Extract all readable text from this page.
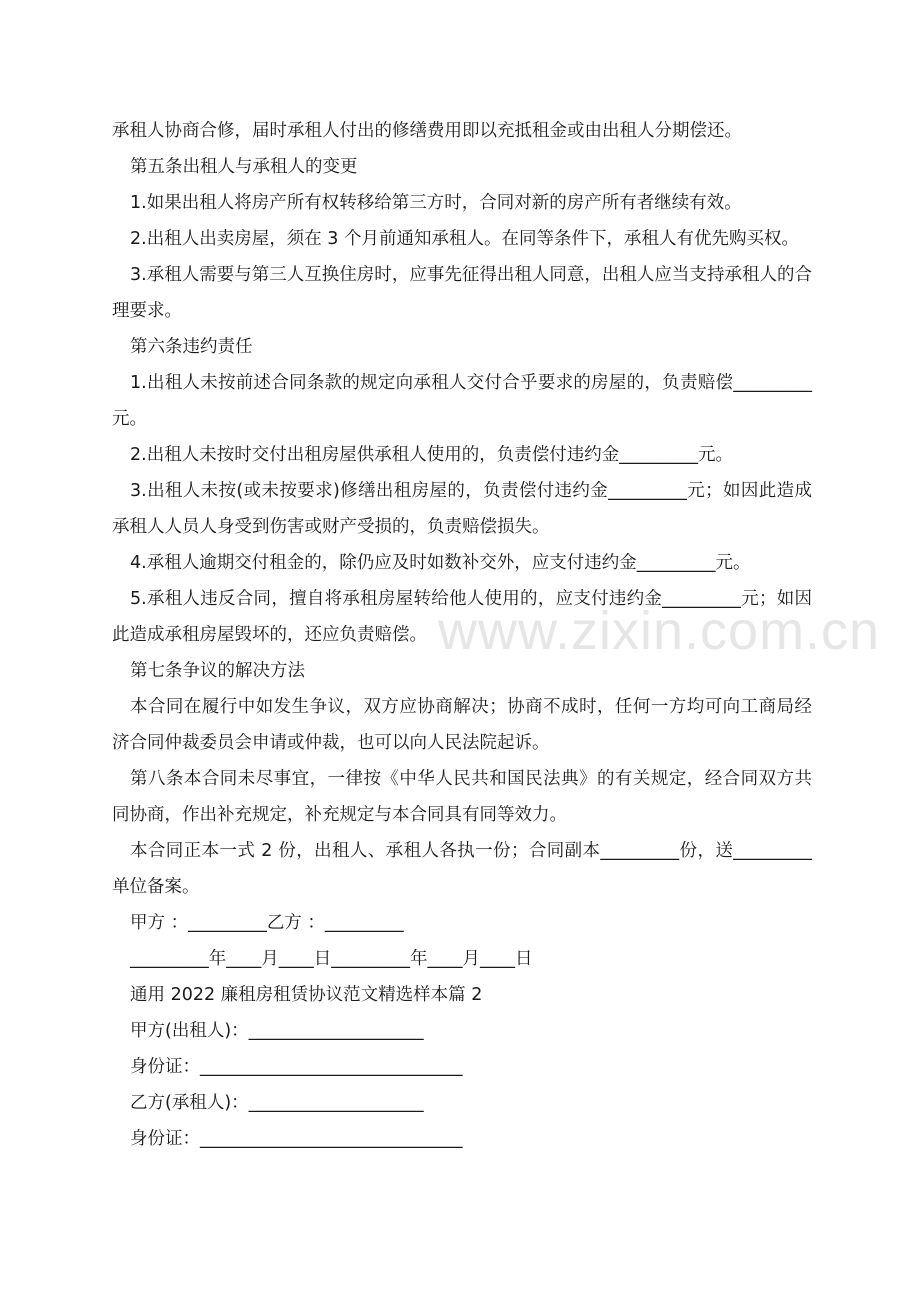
www.zixin.com.cn

承租人协商合修，届时承租人付出的修缮费用即以充抵租金或由出租人分期偿还。

第五条出租人与承租人的变更

1.如果出租人将房产所有权转移给第三方时，合同对新的房产所有者继续有效。

2.出租人出卖房屋，须在 3 个月前通知承租人。在同等条件下，承租人有优先购买权。

3.承租人需要与第三人互换住房时，应事先征得出租人同意，出租人应当支持承租人的合理要求。

第六条违约责任

1.出租人未按前述合同条款的规定向承租人交付合乎要求的房屋的，负责赔偿_________元。

2.出租人未按时交付出租房屋供承租人使用的，负责偿付违约金_________元。

3.出租人未按(或未按要求)修缮出租房屋的，负责偿付违约金_________元；如因此造成承租人人员人身受到伤害或财产受损的，负责赔偿损失。

4.承租人逾期交付租金的，除仍应及时如数补交外，应支付违约金_________元。

5.承租人违反合同，擅自将承租房屋转给他人使用的，应支付违约金_________元；如因此造成承租房屋毁坏的，还应负责赔偿。

第七条争议的解决方法

本合同在履行中如发生争议，双方应协商解决；协商不成时，任何一方均可向工商局经济合同仲裁委员会申请或仲裁，也可以向人民法院起诉。

第八条本合同未尽事宜，一律按《中华人民共和国民法典》的有关规定，经合同双方共同协商，作出补充规定，补充规定与本合同具有同等效力。

本合同正本一式 2 份，出租人、承租人各执一份；合同副本_________份，送_________单位备案。

甲方 ：_________乙方 ：_________

_________年____月____日_________年____月____日

通用 2022 廉租房租赁协议范文精选样本篇 2

甲方(出租人)：____________________

身份证：______________________________

乙方(承租人)：____________________

身份证：______________________________
